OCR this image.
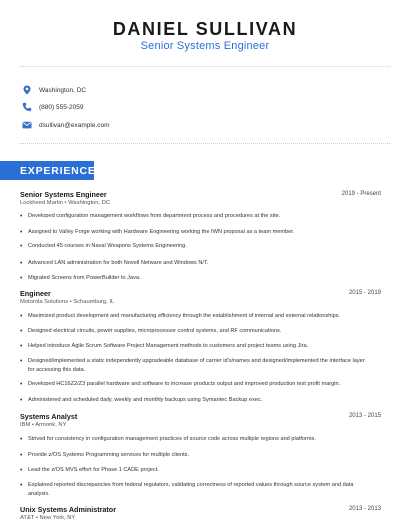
DANIEL SULLIVAN
Senior Systems Engineer
Washington, DC
(880) 555-2059
dsullivan@example.com
EXPERIENCE
Senior Systems Engineer	2019 - Present
Lockheed Martin • Washington, DC
• Developed configuration management workflows from department process and procedures at the site.
• Assigned to Valley Forge working with Hardware Engineering working the IWN proposal as a team member.
• Conducted 45 courses in Naval Weapons Systems Engineering.
• Advanced LAN administration for both Novell Netware and Windows N/T.
• Migrated Screens from PowerBuilder to Java.
Engineer	2015 - 2019
Motorola Solutions • Schaumburg, IL
• Maximized product development and manufacturing efficiency through the establishment of internal and external relationships.
• Designed electrical circuits, power supplies, microprocessor control systems, and RF communications.
• Helped introduce Agile Scrum Software Project Management methods to customers and project teams using Jira.
• Designed/implemented a static independently upgradeable database of carrier id's/names and designed/implemented the interface layer for accessing this data.
• Developed HC16Z2/Z3 parallel hardware and software to increase products output and improved production test profit margin.
• Administered and scheduled daily, weekly and monthly backups using Symantec Backup exec.
Systems Analyst	2013 - 2015
IBM • Armonk, NY
• Strived for consistency in configuration management practices of source code across multiple regions and platforms.
• Provide z/OS Systems Programming services for multiple clients.
• Lead the z/OS MVS effort for Phase 1 CADE project.
• Explained reported discrepancies from federal regulators, validating correctness of reported values through source system and data analysis.
Unix Systems Administrator	2013 - 2013
AT&T • New York, NY
